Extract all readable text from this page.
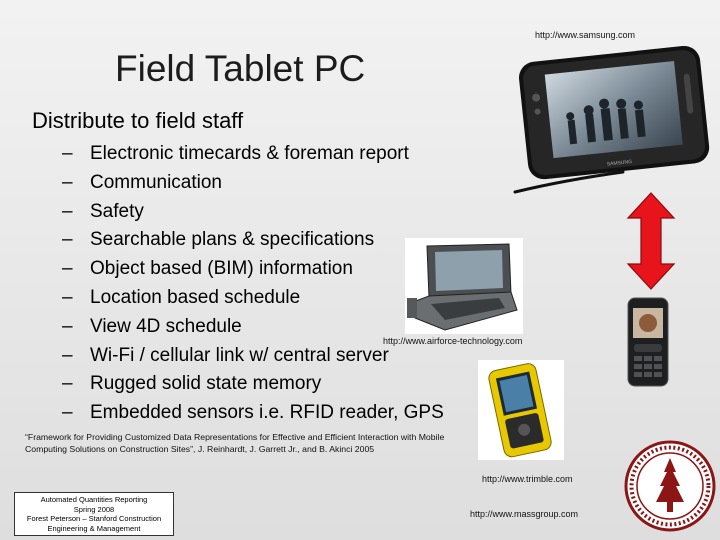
http://www.samsung.com
Field Tablet PC
Distribute to field staff
– Electronic timecards & foreman report
– Communication
– Safety
– Searchable plans & specifications
– Object based (BIM) information
– Location based schedule
– View 4D schedule
– Wi-Fi / cellular link w/ central server
– Rugged solid state memory
– Embedded sensors i.e. RFID reader, GPS
SAMSUNG
http://www.airforce-technology.com
http://www.trimble.com
http://www.massgroup.com
“Framework for Providing Customized Data Representations for Effective and Efficient Interaction with Mobile Computing Solutions on Construction Sites”, J. Reinhardt, J. Garrett Jr., and B. Akinci 2005
Automated Quantities Reporting
Spring 2008
Forest Peterson – Stanford Construction
Engineering & Management
